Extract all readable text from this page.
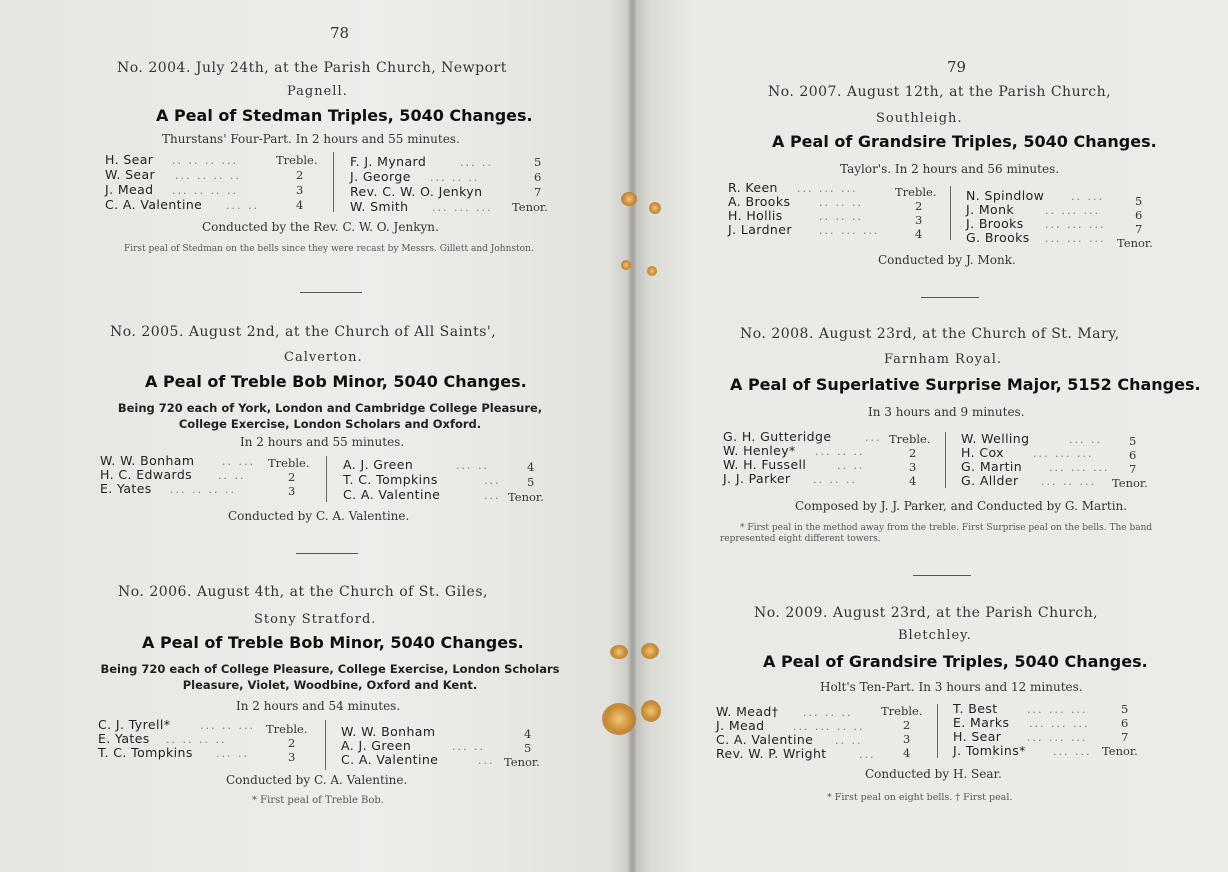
78
No. 2004. July 24th, at the Parish Church, Newport
Pagnell.
A Peal of Stedman Triples, 5040 Changes.
Thurstans' Four-Part. In 2 hours and 55 minutes.
H. Sear .. .. .. ...	Treble.
W. Sear ... .. .. ..	2
J. Mead ... .. .. ..	3
C. A. Valentine ... ..	4
F. J. Mynard	... ..	5
J. George ... .. ..	6
Rev. C. W. O. Jenkyn	7
W. Smith ... ... ... Tenor.
Conducted by the Rev. C. W. O. Jenkyn.
First peal of Stedman on the bells since they were recast by Messrs. Gillett and Johnston.
No. 2005. August 2nd, at the Church of All Saints',
Calverton.
A Peal of Treble Bob Minor, 5040 Changes.
Being 720 each of York, London and Cambridge College Pleasure, College Exercise, London Scholars and Oxford.
In 2 hours and 55 minutes.
W. W. Bonham	.. ... Treble.
H. C. Edwards .. ..	2
E. Yates ... .. .. ..	3
A. J. Green	... ..	4
T. C. Tompkins	... 5
C. A. Valentine	... Tenor.
Conducted by C. A. Valentine.
No. 2006. August 4th, at the Church of St. Giles,
Stony Stratford.
A Peal of Treble Bob Minor, 5040 Changes.
Being 720 each of College Pleasure, College Exercise, London Scholars Pleasure, Violet, Woodbine, Oxford and Kent.
In 2 hours and 54 minutes.
C. J. Tyrell*	... .. ... Treble.
E. Yates .. .. .. ..	2
T. C. Tompkins ... ..	3
W. W. Bonham	4
A. J. Green	... ..	5
C. A. Valentine	... Tenor.
Conducted by C. A. Valentine.
* First peal of Treble Bob.
79
No. 2007. August 12th, at the Parish Church,
Southleigh.
A Peal of Grandsire Triples, 5040 Changes.
Taylor's. In 2 hours and 56 minutes.
R. Keen ... ... ...	Treble.
A. Brooks	.. .. ..	2
H. Hollis	.. .. ..	3
J. Lardner ... ... ...	4
N. Spindlow .. ...	5
J. Monk	.. ... ...	6
J. Brooks ... ... ...	7
G. Brooks ... ... ... Tenor.
Conducted by J. Monk.
No. 2008. August 23rd, at the Church of St. Mary,
Farnham Royal.
A Peal of Superlative Surprise Major, 5152 Changes.
In 3 hours and 9 minutes.
G. H. Gutteridge	... Treble.
W. Henley* ... .. ..	2
W. H. Fussell	.. ..	3
J. J. Parker .. .. ..	4
W. Welling	... .. 5
H. Cox	... ... ...	6
G. Martin ... ... ... 7
G. Allder ... .. ... Tenor.
Composed by J. J. Parker, and Conducted by G. Martin.
* First peal in the method away from the treble. First Surprise peal on the bells. The band represented eight different towers.
No. 2009. August 23rd, at the Parish Church,
Bletchley.
A Peal of Grandsire Triples, 5040 Changes.
Holt's Ten-Part. In 3 hours and 12 minutes.
W. Mead† ... .. .. Treble.
J. Mead	... ... .. ..	2
C. A. Valentine .. ..	3
Rev. W. P. Wright	... 4
T. Best	... ... ...	5
E. Marks ... ... ...	6
H. Sear ... ... ...	7
J. Tomkins* ... ... Tenor.
Conducted by H. Sear.
* First peal on eight bells. † First peal.
